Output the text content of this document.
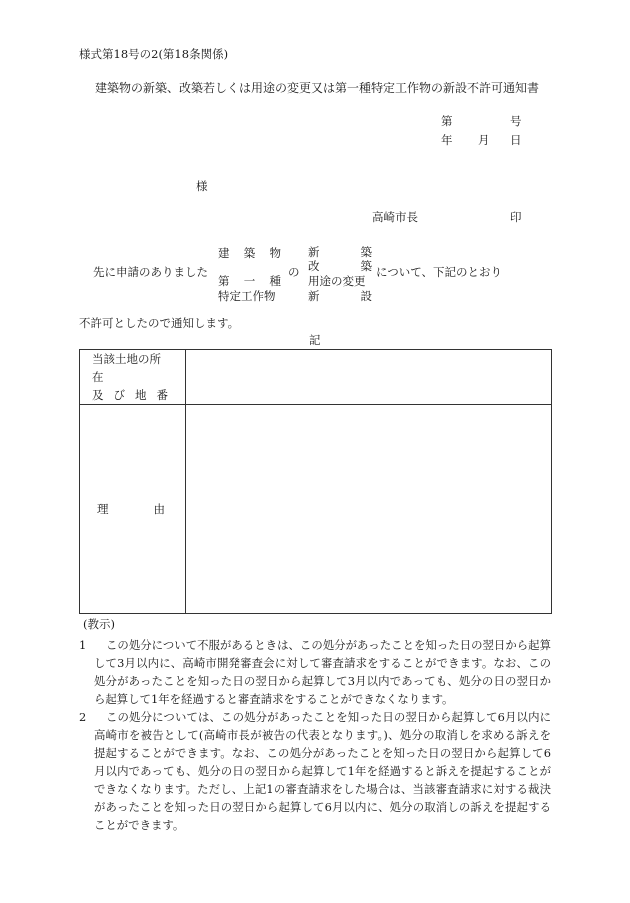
様式第18号の2(第18条関係)
建築物の新築、改築若しくは用途の変更又は第一種特定工作物の新設不許可通知書
第	号
年 月 日
様
高崎市長	印
先に申請のありました
建 築 物
第 一 種
特定工作物
の
新	築
改	築
用途の変更
新	設
について、下記のとおり
不許可としたので通知します。
記
当該土地の所在
及 び 地 番	

理 由	

(教示)
1	この処分について不服があるときは、この処分があったことを知った日の翌日から起算して3月以内に、高崎市開発審査会に対して審査請求をすることができます。なお、この処分があったことを知った日の翌日から起算して3月以内であっても、処分の日の翌日から起算して1年を経過すると審査請求をすることができなくなります。
2	この処分については、この処分があったことを知った日の翌日から起算して6月以内に高崎市を被告として(高崎市長が被告の代表となります。)、処分の取消しを求める訴えを提起することができます。なお、この処分があったことを知った日の翌日から起算して6月以内であっても、処分の日の翌日から起算して1年を経過すると訴えを提起することができなくなります。ただし、上記1の審査請求をした場合は、当該審査請求に対する裁決があったことを知った日の翌日から起算して6月以内に、処分の取消しの訴えを提起することができます。
